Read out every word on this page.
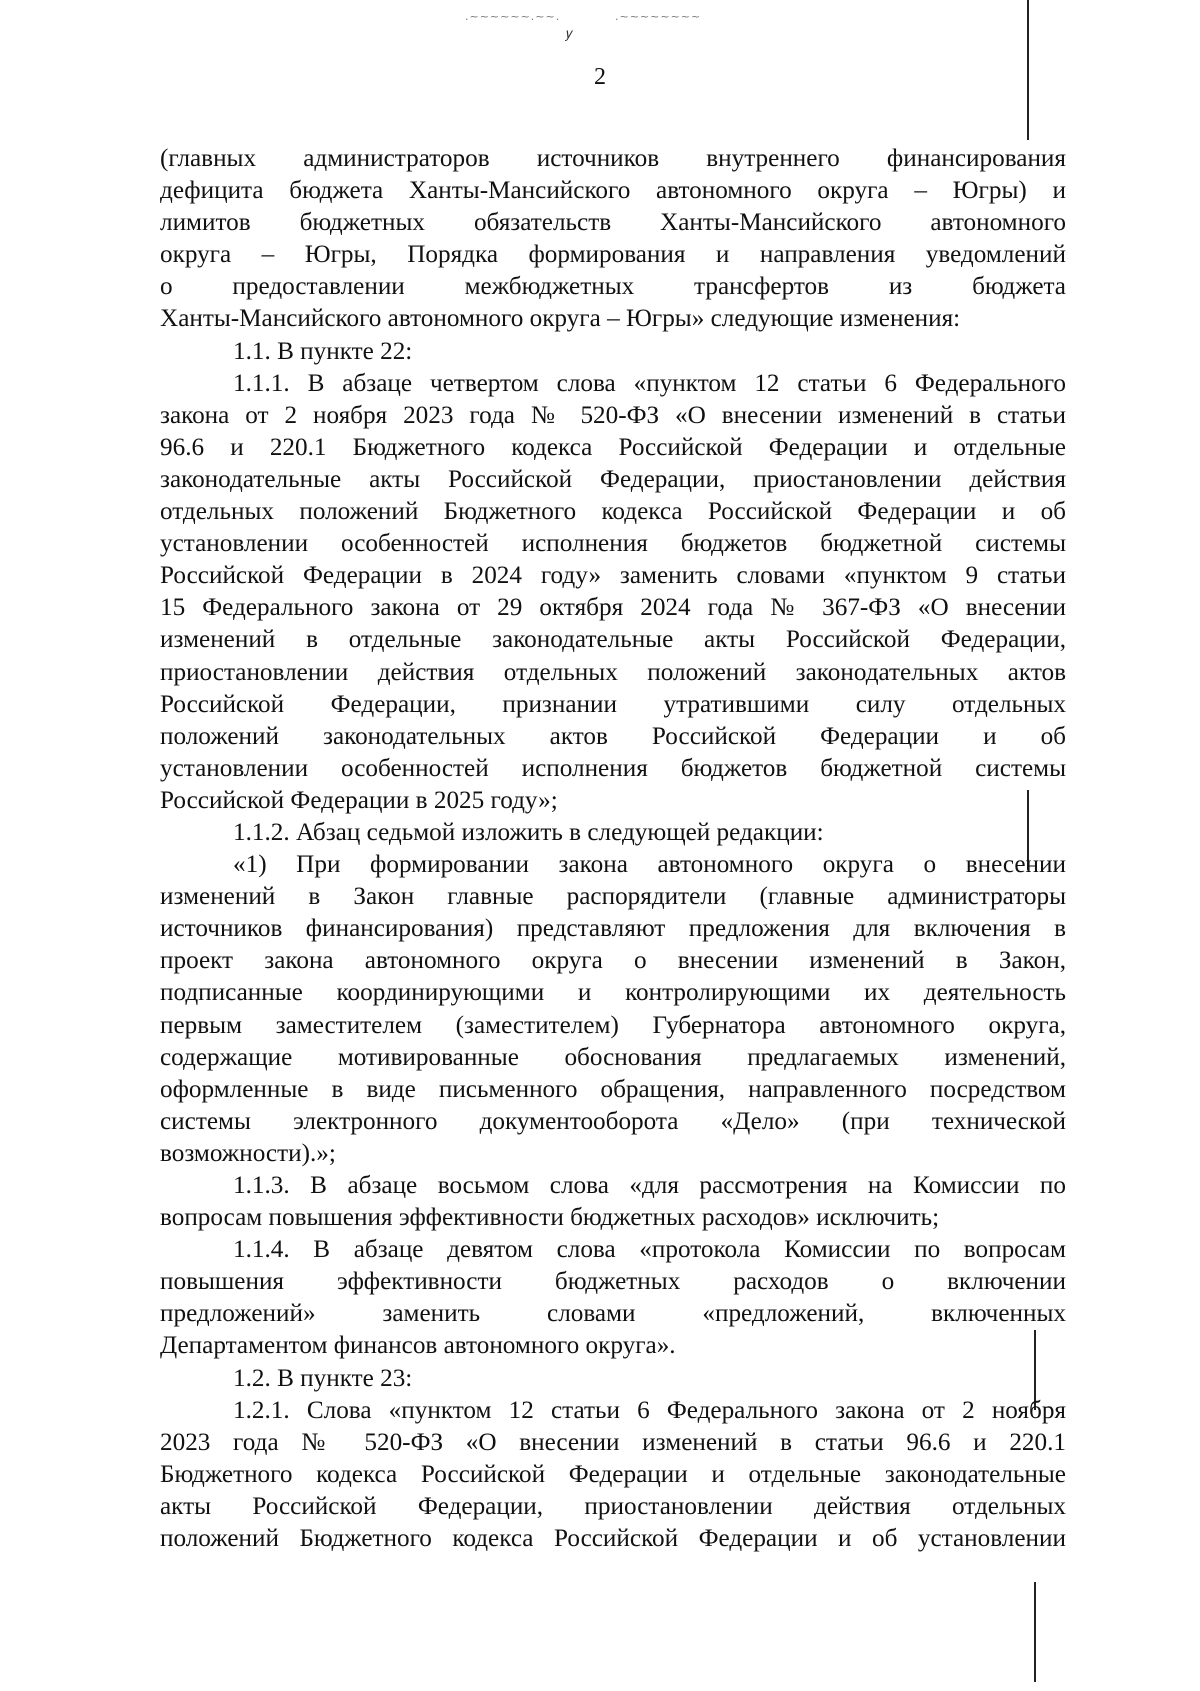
.~~~~~~.~~.	.~~~~~~~~
𝑦
2
(главных администраторов источников внутреннего финансирования
дефицита бюджета Ханты-Мансийского автономного округа – Югры) и
лимитов бюджетных обязательств Ханты-Мансийского автономного
округа – Югры, Порядка формирования и направления уведомлений
о предоставлении межбюджетных трансфертов из бюджета
Ханты-Мансийского автономного округа – Югры» следующие изменения:
1.1. В пункте 22:
1.1.1. В абзаце четвертом слова «пунктом 12 статьи 6 Федерального
закона от 2 ноября 2023 года № 520-ФЗ «О внесении изменений в статьи
96.6 и 220.1 Бюджетного кодекса Российской Федерации и отдельные
законодательные акты Российской Федерации, приостановлении действия
отдельных положений Бюджетного кодекса Российской Федерации и об
установлении особенностей исполнения бюджетов бюджетной системы
Российской Федерации в 2024 году» заменить словами «пунктом 9 статьи
15 Федерального закона от 29 октября 2024 года № 367-ФЗ «О внесении
изменений в отдельные законодательные акты Российской Федерации,
приостановлении действия отдельных положений законодательных актов
Российской Федерации, признании утратившими силу отдельных
положений законодательных актов Российской Федерации и об
установлении особенностей исполнения бюджетов бюджетной системы
Российской Федерации в 2025 году»;
1.1.2. Абзац седьмой изложить в следующей редакции:
«1) При формировании закона автономного округа о внесении
изменений в Закон главные распорядители (главные администраторы
источников финансирования) представляют предложения для включения в
проект закона автономного округа о внесении изменений в Закон,
подписанные координирующими и контролирующими их деятельность
первым заместителем (заместителем) Губернатора автономного округа,
содержащие мотивированные обоснования предлагаемых изменений,
оформленные в виде письменного обращения, направленного посредством
системы электронного документооборота «Дело» (при технической
возможности).»;
1.1.3. В абзаце восьмом слова «для рассмотрения на Комиссии по
вопросам повышения эффективности бюджетных расходов» исключить;
1.1.4. В абзаце девятом слова «протокола Комиссии по вопросам
повышения эффективности бюджетных расходов о включении
предложений» заменить словами «предложений, включенных
Департаментом финансов автономного округа».
1.2. В пункте 23:
1.2.1. Слова «пунктом 12 статьи 6 Федерального закона от 2 ноября
2023 года № 520-ФЗ «О внесении изменений в статьи 96.6 и 220.1
Бюджетного кодекса Российской Федерации и отдельные законодательные
акты Российской Федерации, приостановлении действия отдельных
положений Бюджетного кодекса Российской Федерации и об установлении
